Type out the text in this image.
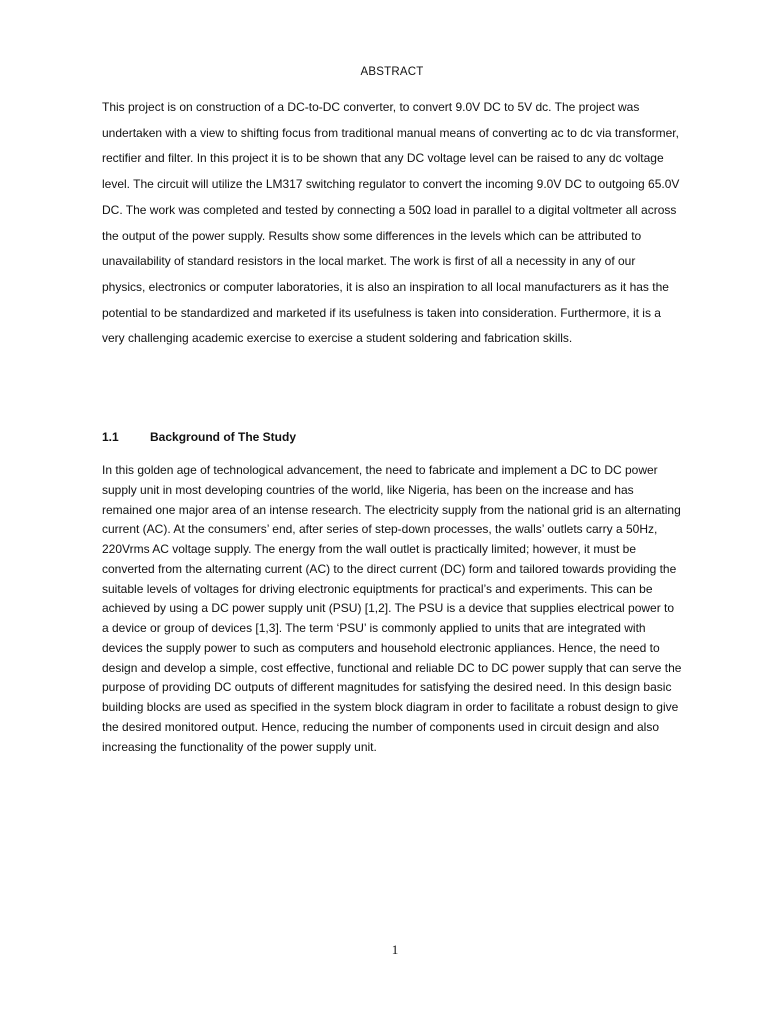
ABSTRACT
This project is on construction of a DC-to-DC converter, to convert 9.0V DC to 5V dc. The project was undertaken with a view to shifting focus from traditional manual means of converting ac to dc via transformer, rectifier and filter. In this project it is to be shown that any DC voltage level can be raised to any dc voltage level. The circuit will utilize the LM317 switching regulator to convert the incoming 9.0V DC to outgoing 65.0V DC. The work was completed and tested by connecting a 50Ω load in parallel to a digital voltmeter all across the output of the power supply. Results show some differences in the levels which can be attributed to unavailability of standard resistors in the local market. The work is first of all a necessity in any of our physics, electronics or computer laboratories, it is also an inspiration to all local manufacturers as it has the potential to be standardized and marketed if its usefulness is taken into consideration. Furthermore, it is a very challenging academic exercise to exercise a student soldering and fabrication skills.
1.1	Background of The Study
In this golden age of technological advancement, the need to fabricate and implement a DC to DC power supply unit in most developing countries of the world, like Nigeria, has been on the increase and has remained one major area of an intense research. The electricity supply from the national grid is an alternating current (AC). At the consumers’ end, after series of step-down processes, the walls’ outlets carry a 50Hz, 220Vrms AC voltage supply. The energy from the wall outlet is practically limited; however, it must be converted from the alternating current (AC) to the direct current (DC) form and tailored towards providing the suitable levels of voltages for driving electronic equiptments for practical’s and experiments. This can be achieved by using a DC power supply unit (PSU) [1,2]. The PSU is a device that supplies electrical power to a device or group of devices [1,3]. The term ‘PSU’ is commonly applied to units that are integrated with devices the supply power to such as computers and household electronic appliances. Hence, the need to design and develop a simple, cost effective, functional and reliable DC to DC power supply that can serve the purpose of providing DC outputs of different magnitudes for satisfying the desired need. In this design basic building blocks are used as specified in the system block diagram in order to facilitate a robust design to give the desired monitored output. Hence, reducing the number of components used in circuit design and also increasing the functionality of the power supply unit.
1
